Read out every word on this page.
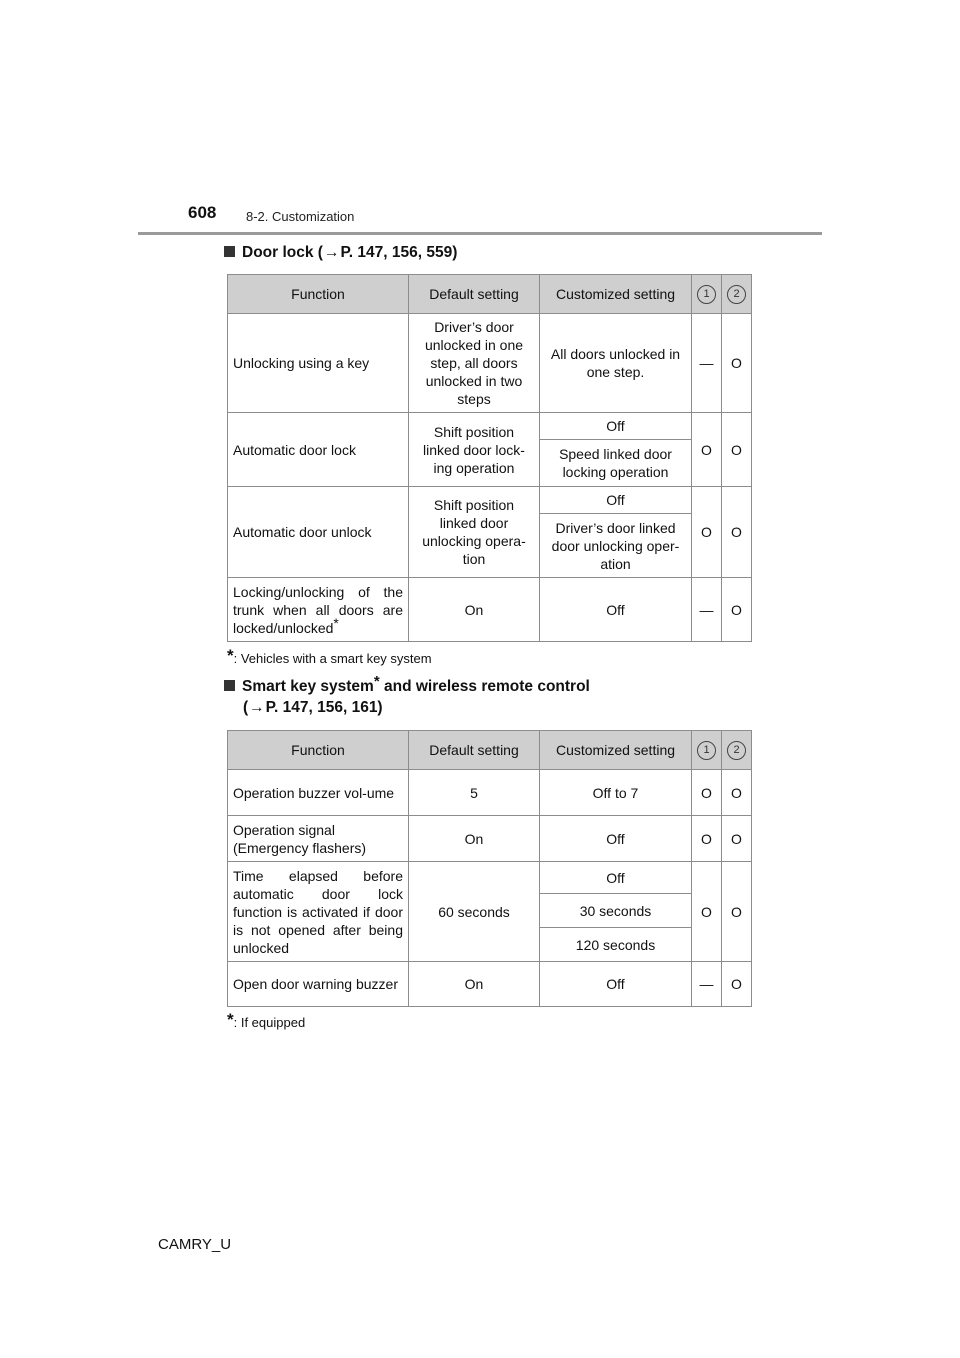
608 8-2. Customization
Door lock (→P. 147, 156, 559)
Function	Default setting	Customized setting	1	2
Unlocking using a key	Driver’s door unlocked in one step, all doors unlocked in two steps	All doors unlocked in one step.	—	O
Automatic door lock	Shift position linked door lock-ing operation	Off	O	O
		Speed linked door locking operation		
Automatic door unlock	Shift position linked door unlocking opera-tion	Off	O	O
		Driver’s door linked door unlocking oper-ation		
Locking/unlocking of the trunk when all doors are locked/unlocked*	On	Off	—	O
*: Vehicles with a smart key system
Smart key system* and wireless remote control
(→P. 147, 156, 161)
Function	Default setting	Customized setting	1	2
Operation buzzer vol-ume	5	Off to 7	O	O
Operation signal (Emergency flashers)	On	Off	O	O
Time elapsed before automatic door lock function is activated if door is not opened after being unlocked	60 seconds	Off	O	O
		30 seconds		
		120 seconds		
Open door warning buzzer	On	Off	—	O
*: If equipped
CAMRY_U
